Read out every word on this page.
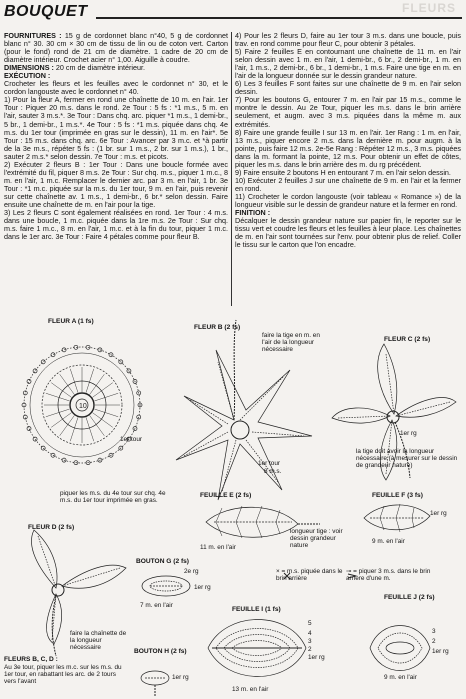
BOUQUET	FLEURS

FOURNITURES : 15 g de cordonnet blanc n°40, 5 g de cordonnet blanc n° 30. 30 cm × 30 cm de tissu de lin ou de coton vert. Carton (pour le fond) rond de 21 cm de diamètre. 1 cadre de 20 cm de diamètre intérieur. Crochet acier n° 1,00. Aiguille à coudre.

DIMENSIONS : 20 cm de diamètre intérieur.

EXÉCUTION :

Crocheter les fleurs et les feuilles avec le cordonnet n° 30, et le cordon langouste avec le cordonnet n° 40.

1) Pour la fleur A, fermer en rond une chaînette de 10 m. en l'air. 1er Tour : Piquer 20 m.s. dans le rond. 2e Tour : 5 fs : *1 m.s., 5 m. en l'air, sauter 3 m.s.*. 3e Tour : Dans chq. arc. piquer *1 m.s., 1 demi-br., 5 br., 1 demi-br., 1 m.s.*. 4e Tour : 5 fs : *1 m.s. piquée dans chq. 4e m.s. du 1er tour (imprimée en gras sur le dessin), 11 m. en l'air*. 5e Tour : 15 m.s. dans chq. arc. 6e Tour : Avancer par 3 m.c. et *à partir de la 3e m.s., répéter 5 fs : (1 br. sur 1 m.s., 2 br. sur 1 m.s.), 1 br., sauter 2 m.s.* selon dessin. 7e Tour : m.s. et picots.

2) Exécuter 2 fleurs B : 1er Tour : Dans une boucle formée avec l'extrémité du fil, piquer 8 m.s. 2e Tour : Sur chq. m.s., piquer 1 m.c., 8 m. en l'air, 1 m.c. Remplacer le dernier arc. par 3 m. en l'air, 1 br. 3e Tour : *1 m.c. piquée sur la m.s. du 1er tour, 9 m. en l'air, puis revenir sur cette chaînette av. 1 m.s., 1 demi-br., 6 br.* selon dessin. Faire ensuite une chaînette de m. en l'air pour la tige.

3) Les 2 fleurs C sont également réalisées en rond. 1er Tour : 4 m.s. dans une boucle, 1 m.c. piquée dans la 1re m.s. 2e Tour : Sur chq. m.s. faire 1 m.c., 8 m. en l'air, 1 m.c. et à la fin du tour, piquer 1 m.c. dans le 1er arc. 3e Tour : Faire 4 pétales comme pour fleur B.

4) Pour les 2 fleurs D, faire au 1er tour 3 m.s. dans une boucle, puis trav. en rond comme pour fleur C, pour obtenir 3 pétales.

5) Faire 2 feuilles E en contournant une chaînette de 11 m. en l'air selon dessin avec 1 m. en l'air, 1 demi-br., 6 br., 2 demi-br., 1 m. en l'air, 1 m.s., 2 demi-br., 6 br., 1 demi-br., 1 m.s. Faire une tige en m. en l'air de la longueur donnée sur le dessin grandeur nature.

6) Les 3 feuilles F sont faites sur une chaînette de 9 m. en l'air selon dessin.

7) Pour les boutons G, entourer 7 m. en l'air par 15 m.s., comme le montre le dessin. Au 2e Tour, piquer les m.s. dans le brin arrière seulement, et augm. avec 3 m.s. piquées dans la même m. aux extrémités.

8) Faire une grande feuille I sur 13 m. en l'air. 1er Rang : 1 m. en l'air, 13 m.s., piquer encore 2 m.s. dans la dernière m. pour augm. à la pointe, puis faire 12 m.s. 2e-5e Rang : Répéter 12 m.s., 3 m.s. piquées dans la m. formant la pointe, 12 m.s. Pour obtenir un effet de côtes, piquer les m.s. dans le brin arrière des m. du rg précédent.

9) Faire ensuite 2 boutons H en entourant 7 m. en l'air selon dessin.

10) Exécuter 2 feuilles J sur une chaînette de 9 m. en l'air et la fermer en rond.

11) Crocheter le cordon langouste (voir tableau « Romance ») de la longueur visible sur le dessin de grandeur nature et la fermer en rond.

FINITION :

Décalquer le dessin grandeur nature sur papier fin, le reporter sur le tissu vert et coudre les fleurs et les feuilles à leur place. Les chaînettes de m. en l'air sont tournées sur l'env. pour obtenir plus de relief. Coller le tissu sur le carton que l'on encadre.

10
FLEUR A (1 fs)
1er tour
piquer les m.s. du 4e tour sur chq. 4e m.s. du 1er tour imprimée en gras.
FLEUR B (2 fs)
faire la tige en m. en l'air de la longueur nécessaire
1er tour
8 m.s.
FLEUR C (2 fs)
1er rg
la tige doit avoir la longueur nécessaire (à mesurer sur le dessin de grandeur nature)
FEUILLE E (2 fs)
11 m. en l'air
longueur tige : voir dessin grandeur nature
FEUILLE F (3 fs)
1er rg
9 m. en l'air
FLEUR D (2 fs)
faire la chaînette de la longueur nécessaire
BOUTON G (2 fs)
2e rg
1er rg
7 m. en l'air
× = m.s. piquée dans le brin arrière
⊸ = piquer 3 m.s. dans le brin arrière d'une m.
FEUILLE I (1 fs)
5
4
3
2
1er rg
13 m. en l'air
FEUILLE J (2 fs)
3
2
1er rg
9 m. en l'air
BOUTON H (2 fs)
1er rg
FLEURS B, C, D :
Au 3e tour, piquer les m.c. sur les m.s. du 1er tour, en rabattant les arc. de 2 tours vers l'avant
